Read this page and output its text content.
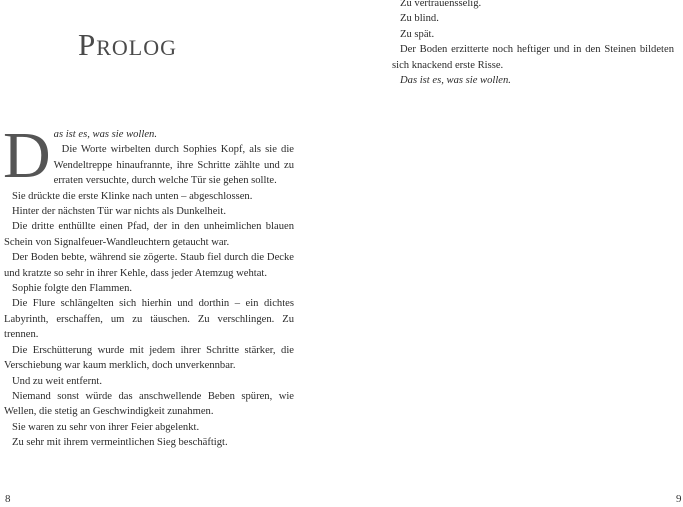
Prolog
D as ist es, was sie wollen.

Die Worte wirbelten durch Sophies Kopf, als sie die Wendeltreppe hinaufrannte, ihre Schritte zählte und zu erraten versuchte, durch welche Tür sie gehen sollte.

Sie drückte die erste Klinke nach unten – abgeschlossen.

Hinter der nächsten Tür war nichts als Dunkelheit.

Die dritte enthüllte einen Pfad, der in den unheimlichen blauen Schein von Signalfeuer-Wandleuchtern getaucht war.

Der Boden bebte, während sie zögerte. Staub fiel durch die Decke und kratzte so sehr in ihrer Kehle, dass jeder Atemzug wehtat.

Sophie folgte den Flammen.

Die Flure schlängelten sich hierhin und dorthin – ein dichtes Labyrinth, erschaffen, um zu täuschen. Zu verschlingen. Zu trennen.

Die Erschütterung wurde mit jedem ihrer Schritte stärker, die Verschiebung war kaum merklich, doch unverkennbar.

Und zu weit entfernt.

Niemand sonst würde das anschwellende Beben spüren, wie Wellen, die stetig an Geschwindigkeit zunahmen.

Sie waren zu sehr von ihrer Feier abgelenkt.

Zu sehr mit ihrem vermeintlichen Sieg beschäftigt.

8

Zu vertrauensselig.

Zu blind.

Zu spät.

Der Boden erzitterte noch heftiger und in den Steinen bildeten sich knackend erste Risse.

Das ist es, was sie wollen.

9
